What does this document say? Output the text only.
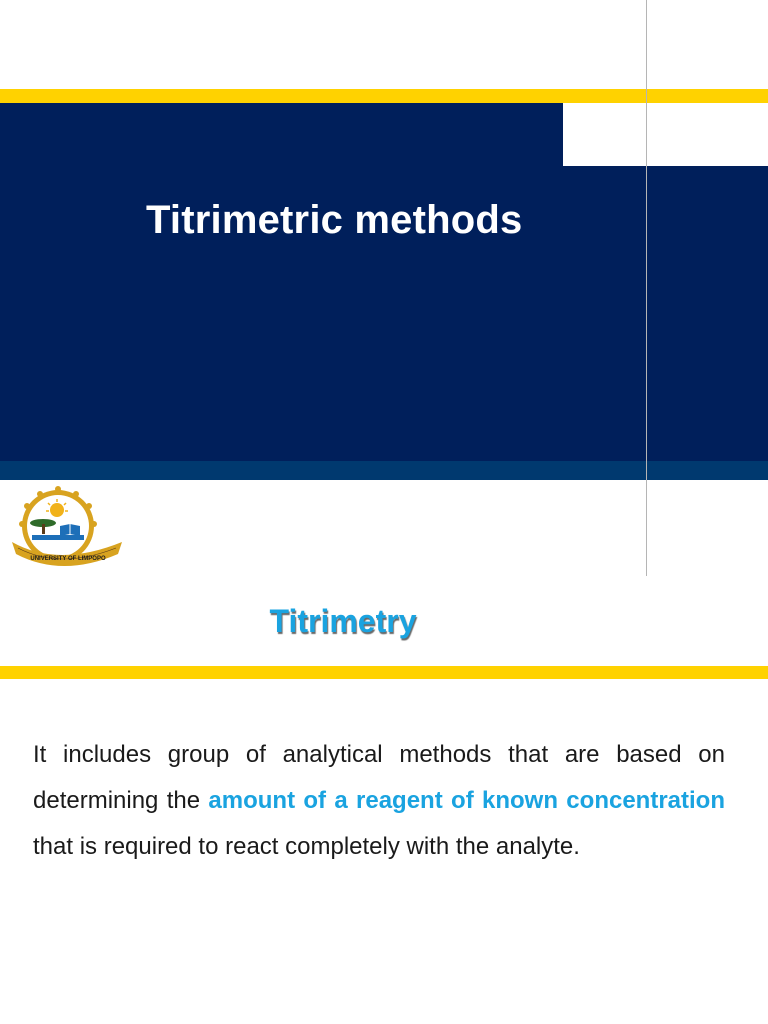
Titrimetric methods
UNIVERSITY OF LIMPOPO
Titrimetry
It includes group of analytical methods that are based on determining the amount of a reagent of known concentration that is required to react completely with the analyte.
